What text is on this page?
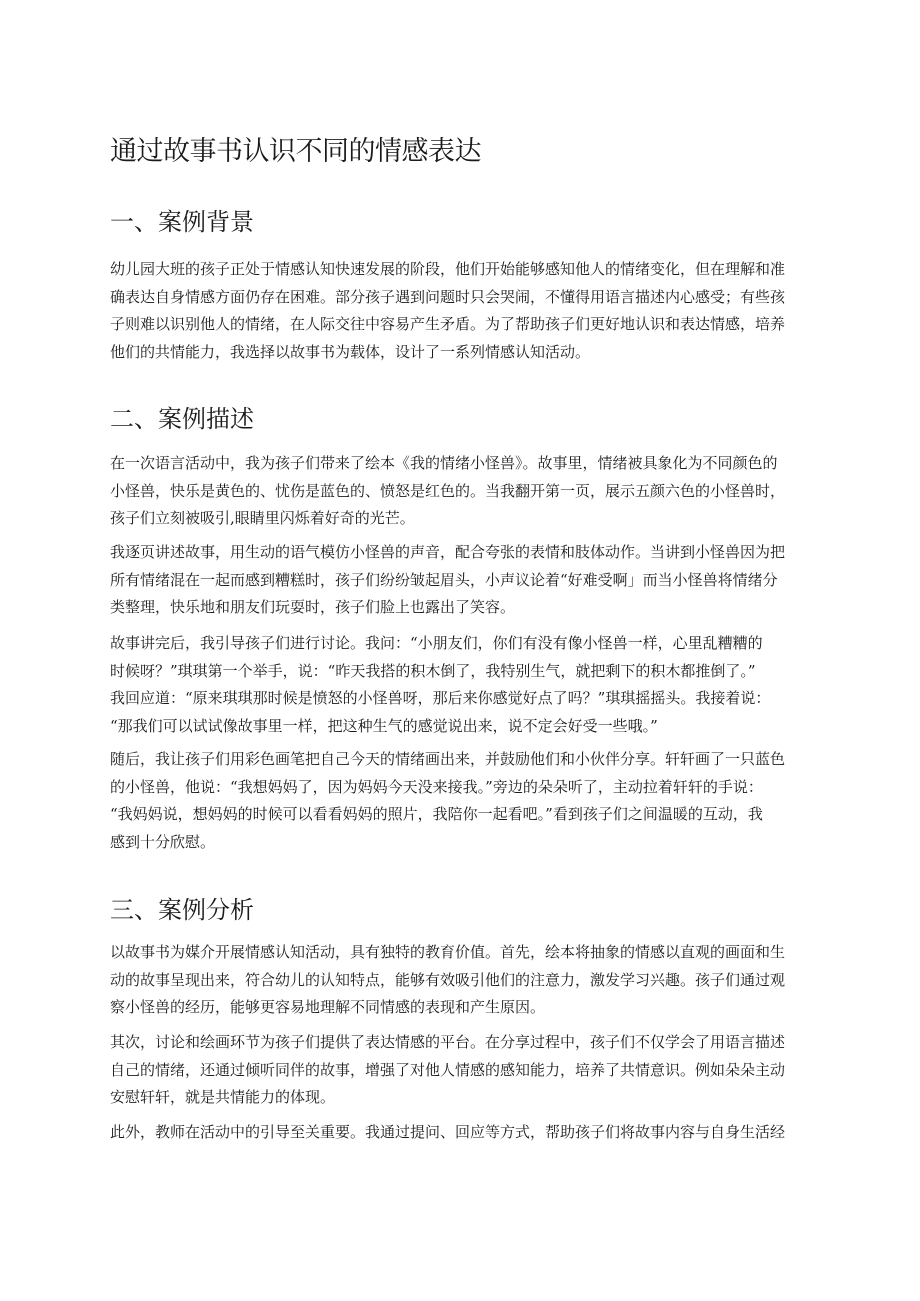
通过故事书认识不同的情感表达
一、案例背景

幼儿园大班的孩子正处于情感认知快速发展的阶段，他们开始能够感知他人的情绪变化，但在理解和准
确表达自身情感方面仍存在困难。部分孩子遇到问题时只会哭闹，不懂得用语言描述内心感受；有些孩
子则难以识别他人的情绪，在人际交往中容易产生矛盾。为了帮助孩子们更好地认识和表达情感，培养
他们的共情能力，我选择以故事书为载体，设计了一系列情感认知活动。

二、案例描述

在一次语言活动中，我为孩子们带来了绘本《我的情绪小怪兽》。故事里，情绪被具象化为不同颜色的
小怪兽，快乐是黄色的、忧伤是蓝色的、愤怒是红色的。当我翻开第一页，展示五颜六色的小怪兽时，
孩子们立刻被吸引,眼睛里闪烁着好奇的光芒。

我逐页讲述故事，用生动的语气模仿小怪兽的声音，配合夸张的表情和肢体动作。当讲到小怪兽因为把
所有情绪混在一起而感到糟糕时，孩子们纷纷皱起眉头，小声议论着“好难受啊」而当小怪兽将情绪分
类整理，快乐地和朋友们玩耍时，孩子们脸上也露出了笑容。

故事讲完后，我引导孩子们进行讨论。我问：“小朋友们，你们有没有像小怪兽一样，心里乱糟糟的
时候呀？”琪琪第一个举手，说：“昨天我搭的积木倒了，我特别生气，就把剩下的积木都推倒了。”
我回应道：“原来琪琪那时候是愤怒的小怪兽呀，那后来你感觉好点了吗？”琪琪摇摇头。我接着说：
“那我们可以试试像故事里一样，把这种生气的感觉说出来，说不定会好受一些哦。”

随后，我让孩子们用彩色画笔把自己今天的情绪画出来，并鼓励他们和小伙伴分享。轩轩画了一只蓝色
的小怪兽，他说：“我想妈妈了，因为妈妈今天没来接我。”旁边的朵朵听了，主动拉着轩轩的手说：
“我妈妈说，想妈妈的时候可以看看妈妈的照片，我陪你一起看吧。”看到孩子们之间温暖的互动，我
感到十分欣慰。

三、案例分析

以故事书为媒介开展情感认知活动，具有独特的教育价值。首先，绘本将抽象的情感以直观的画面和生
动的故事呈现出来，符合幼儿的认知特点，能够有效吸引他们的注意力，激发学习兴趣。孩子们通过观
察小怪兽的经历，能够更容易地理解不同情感的表现和产生原因。

其次，讨论和绘画环节为孩子们提供了表达情感的平台。在分享过程中，孩子们不仅学会了用语言描述
自己的情绪，还通过倾听同伴的故事，增强了对他人情感的感知能力，培养了共情意识。例如朵朵主动
安慰轩轩，就是共情能力的体现。

此外，教师在活动中的引导至关重要。我通过提问、回应等方式，帮助孩子们将故事内容与自身生活经
